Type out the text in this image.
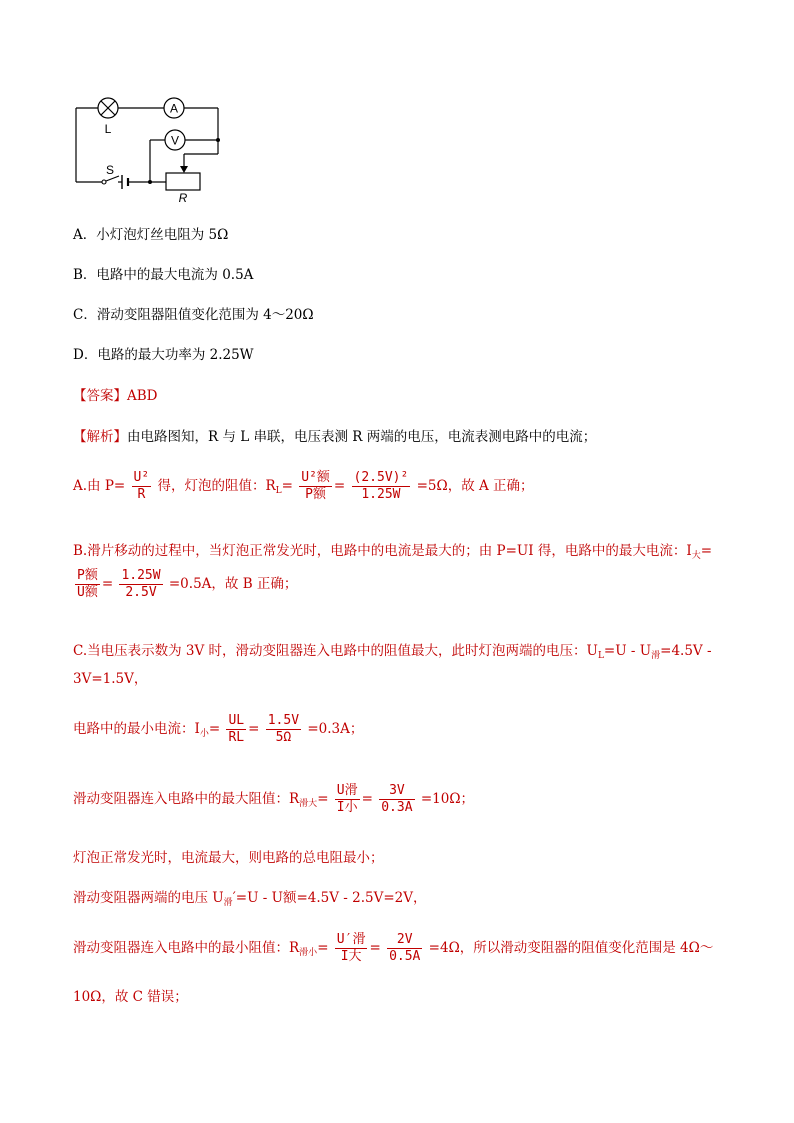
A
V
L
S
R
A．小灯泡灯丝电阻为 5Ω
B．电路中的最大电流为 0.5A
C．滑动变阻器阻值变化范围为 4～20Ω
D．电路的最大功率为 2.25W
【答案】ABD
【解析】由电路图知，R 与 L 串联，电压表测 R 两端的电压，电流表测电路中的电流；
A.由 $P= \frac{\text{U²}}{R}$ 得，灯泡的阻值：$R_L= \frac{\text{U²额}}{\text{P额}} = \frac{\text{(2.5V)²}}{1.25W} =5\Omega$，故 A 正确；
B.滑片移动的过程中，当灯泡正常发光时，电路中的电流是最大的；由 P=UI 得，电路中的最大电流：$I_大=$
$\frac{\text{P额}}{\text{U额}} = \frac{1.25W}{2.5V} =0.5A$，故 B 正确；
C.当电压表示数为 3V 时，滑动变阻器连入电路中的阻值最大，此时灯泡两端的电压：$U_L=U - U_滑=4.5V$ -
3V=1.5V，
电路中的最小电流：$I_小= \frac{UL}{RL} = \frac{1.5V}{5\Omega} =0.3A$；
滑动变阻器连入电路中的最大阻值：$R_{滑大}= \frac{\text{U滑}}{\text{I小}} = \frac{3V}{0.3A} =10\Omega$；
灯泡正常发光时，电流最大，则电路的总电阻最小；
滑动变阻器两端的电压 $U_滑'=U - U$额=4.5V - 2.5V=2V，
滑动变阻器连入电路中的最小阻值：$R_{滑小}= \frac{\text{U′滑}}{\text{I大}} = \frac{2V}{0.5A} =4\Omega$，所以滑动变阻器的阻值变化范围是 4Ω～
10Ω，故 C 错误；
